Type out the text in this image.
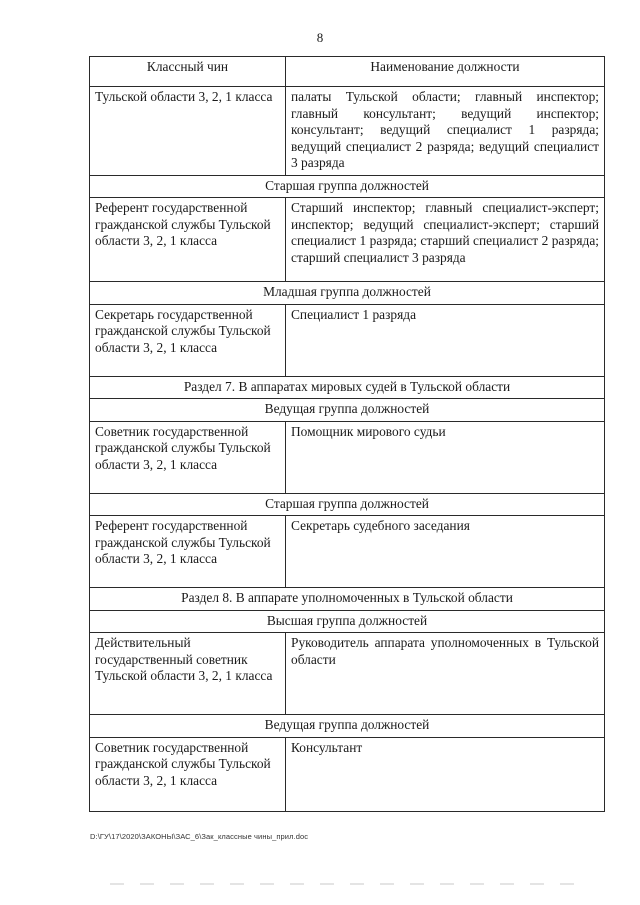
8
Классный чин	Наименование должности
Тульской области 3, 2, 1 класса	палаты Тульской области; главный инспектор; главный консультант; ведущий инспектор; консультант; ведущий специалист 1 разряда; ведущий специалист 2 разряда; ведущий специалист 3 разряда
Старшая группа должностей	
Референт государственной гражданской службы Тульской области 3, 2, 1 класса	Старший инспектор; главный специалист-эксперт; инспектор; ведущий специалист-эксперт; старший специалист 1 разряда; старший специалист 2 разряда; старший специалист 3 разряда
Младшая группа должностей	
Секретарь государственной гражданской службы Тульской области 3, 2, 1 класса	Специалист 1 разряда
Раздел 7. В аппаратах мировых судей в Тульской области	
Ведущая группа должностей	
Советник государственной гражданской службы Тульской области 3, 2, 1 класса	Помощник мирового судьи
Старшая группа должностей	
Референт государственной гражданской службы Тульской области 3, 2, 1 класса	Секретарь судебного заседания
Раздел 8. В аппарате уполномоченных в Тульской области	
Высшая группа должностей	
Действительный государственный советник Тульской области 3, 2, 1 класса	Руководитель аппарата уполномоченных в Тульской области
Ведущая группа должностей	
Советник государственной гражданской службы Тульской области 3, 2, 1 класса	Консультант
D:\ГУ\17\2020\ЗАКОНЫ\ЗАС_6\Зак_классные чины_прил.doc
